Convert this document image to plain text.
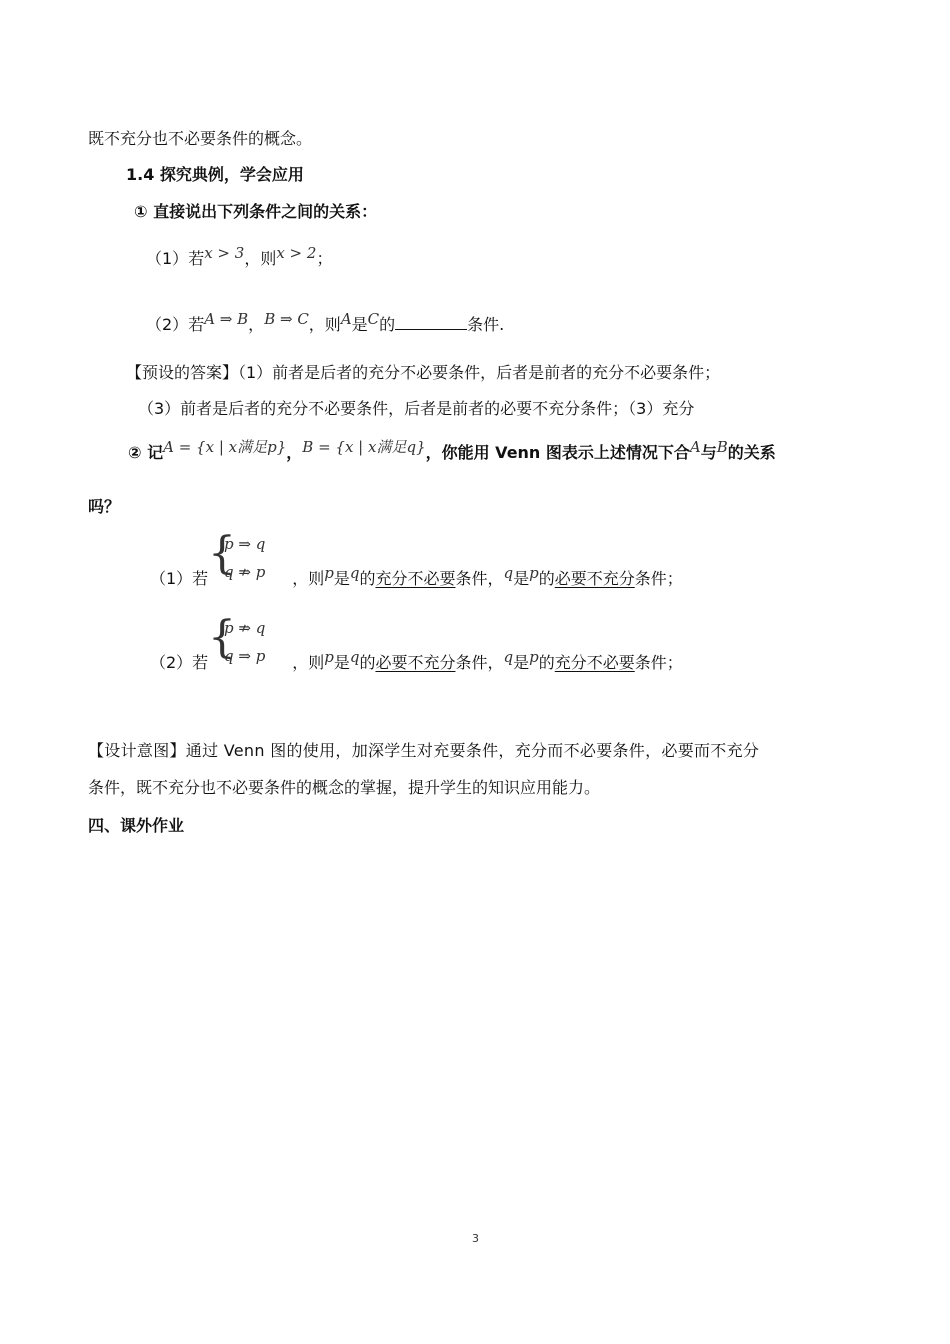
既不充分也不必要条件的概念。
1.4 探究典例，学会应用
① 直接说出下列条件之间的关系：
（1）若x > 3，则x > 2；
（2）若A ⇒ B，B ⇒ C，则A是C的	条件.
【预设的答案】（1）前者是后者的充分不必要条件，后者是前者的充分不必要条件；
（3）前者是后者的充分不必要条件，后者是前者的必要不充分条件；（3）充分
② 记A = {x | x满足p}，B = {x | x满足q}，你能用 Venn 图表示上述情况下合A与B的关系
吗？
{
p ⇒ q
q ⇏ p
（1）若	，则p是q的充分不必要条件，q是p的必要不充分条件；
{
p ⇏ q
q ⇒ p
（2）若	，则p是q的必要不充分条件，q是p的充分不必要条件；
【设计意图】通过 Venn 图的使用，加深学生对充要条件，充分而不必要条件，必要而不充分
条件，既不充分也不必要条件的概念的掌握，提升学生的知识应用能力。
四、课外作业
3
